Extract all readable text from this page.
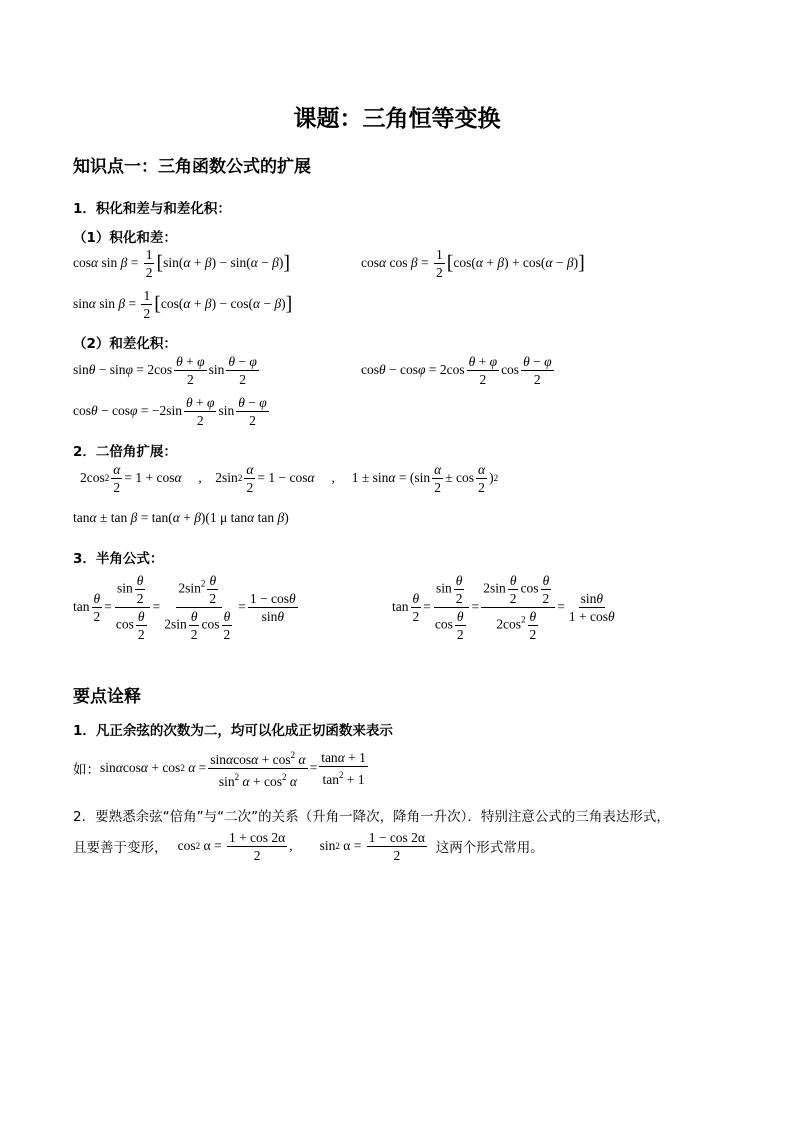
课题：三角恒等变换
知识点一：三角函数公式的扩展
1．积化和差与和差化积：
（1）积化和差：
cos α $\sin \beta = \frac{1}{2}$ [ sin( α + β ) − sin( α − β ) ]	cos α $\cos \beta = \frac{1}{2}$ [ cos( α + β ) + cos( α − β ) ]
sin α $\sin \beta = \frac{1}{2}$ [ cos( α + β ) − cos( α − β ) ]
（2）和差化积：
$\sin \theta - \sin \varphi = 2\cos \frac{\theta + \varphi}{2}$ $\sin \frac{\theta - \varphi}{2}$	$\cos \theta - \cos \varphi = 2\cos \frac{\theta + \varphi}{2}$ $\cos \frac{\theta - \varphi}{2}$
$\cos \theta - \cos \varphi = -2\sin \frac{\theta + \varphi}{2}$ $\sin \frac{\theta - \varphi}{2}$
2．二倍角扩展：
2cos $2 \frac{\alpha}{2} = 1 + \cos \alpha$ ,    2sin $2 \frac{\alpha}{2} = 1 - \cos \alpha$ ,     $1 \pm \sin \alpha = (\sin \frac{\alpha}{2} \pm \cos \frac{\alpha}{2}$ ) 2
tan α ± tan β = tan( α + β )(1 μ tan α tan β )
3．半角公式：
$\tan \frac{\theta}{2} = \frac{\sin \frac{\theta}{2}}{\cos \frac{\theta}{2}} = \frac{2\sin^2 \frac{\theta}{2}}{2\sin \frac{\theta}{2} \cos \frac{\theta}{2}} = \frac{1 - \cos\theta}{\sin\theta}$	$\tan \frac{\theta}{2} = \frac{\sin \frac{\theta}{2}}{\cos \frac{\theta}{2}} = \frac{2\sin \frac{\theta}{2} \cos \frac{\theta}{2}}{2\cos^2 \frac{\theta}{2}} = \frac{\sin\theta}{1 + \cos\theta}$
要点诠释
1．凡正余弦的次数为二，均可以化成正切函数来表示
如： sin α cos α + cos 2
$\alpha = \frac{\sin\alpha\cos\alpha + \cos^2 \alpha}{\sin^2 \alpha + \cos^2 \alpha} = \frac{\tan\alpha + 1}{\tan^2 + 1}$
2．要熟悉余弦“倍角”与“二次”的关系（升角一降次，降角一升次）．特别注意公式的三角表达形式，
且要善于变形， cos 2 $\alpha = \frac{1 + \cos 2\alpha}{2}$ ,        sin 2 $\alpha = \frac{1 - \cos 2\alpha}{2}$
这两个形式常用。
